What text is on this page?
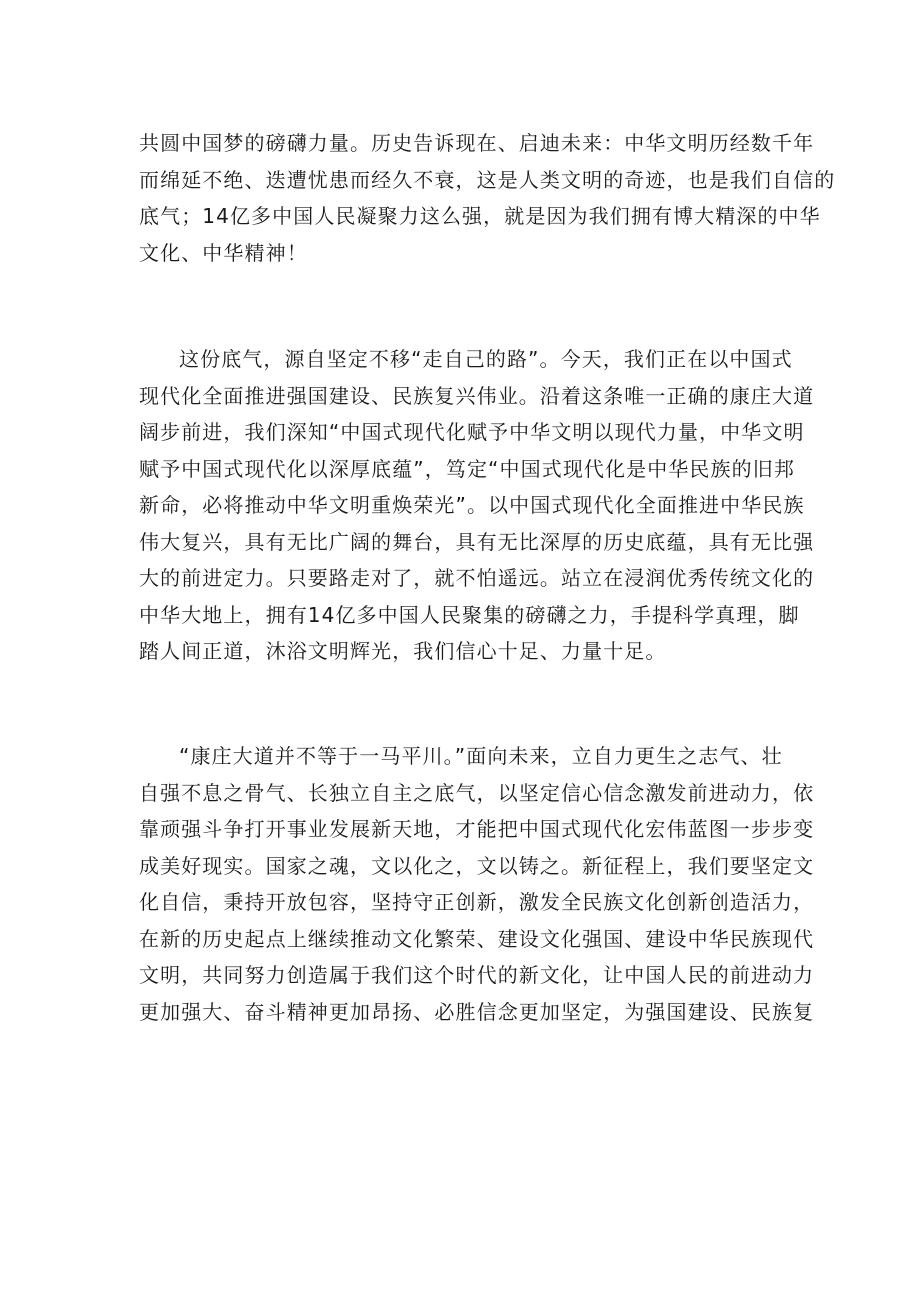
共圆中国梦的磅礴力量。历史告诉现在、启迪未来：中华文明历经数千年
而绵延不绝、迭遭忧患而经久不衰，这是人类文明的奇迹，也是我们自信的
底气；14亿多中国人民凝聚力这么强，就是因为我们拥有博大精深的中华
文化、中华精神！
这份底气，源自坚定不移“走自己的路”。今天，我们正在以中国式
现代化全面推进强国建设、民族复兴伟业。沿着这条唯一正确的康庄大道
阔步前进，我们深知“中国式现代化赋予中华文明以现代力量，中华文明
赋予中国式现代化以深厚底蕴”，笃定“中国式现代化是中华民族的旧邦
新命，必将推动中华文明重焕荣光”。以中国式现代化全面推进中华民族
伟大复兴，具有无比广阔的舞台，具有无比深厚的历史底蕴，具有无比强
大的前进定力。只要路走对了，就不怕遥远。站立在浸润优秀传统文化的
中华大地上，拥有14亿多中国人民聚集的磅礴之力，手提科学真理，脚
踏人间正道，沐浴文明辉光，我们信心十足、力量十足。
“康庄大道并不等于一马平川。”面向未来，立自力更生之志气、壮
自强不息之骨气、长独立自主之底气，以坚定信心信念激发前进动力，依
靠顽强斗争打开事业发展新天地，才能把中国式现代化宏伟蓝图一步步变
成美好现实。国家之魂，文以化之，文以铸之。新征程上，我们要坚定文
化自信，秉持开放包容，坚持守正创新，激发全民族文化创新创造活力，
在新的历史起点上继续推动文化繁荣、建设文化强国、建设中华民族现代
文明，共同努力创造属于我们这个时代的新文化，让中国人民的前进动力
更加强大、奋斗精神更加昂扬、必胜信念更加坚定，为强国建设、民族复
